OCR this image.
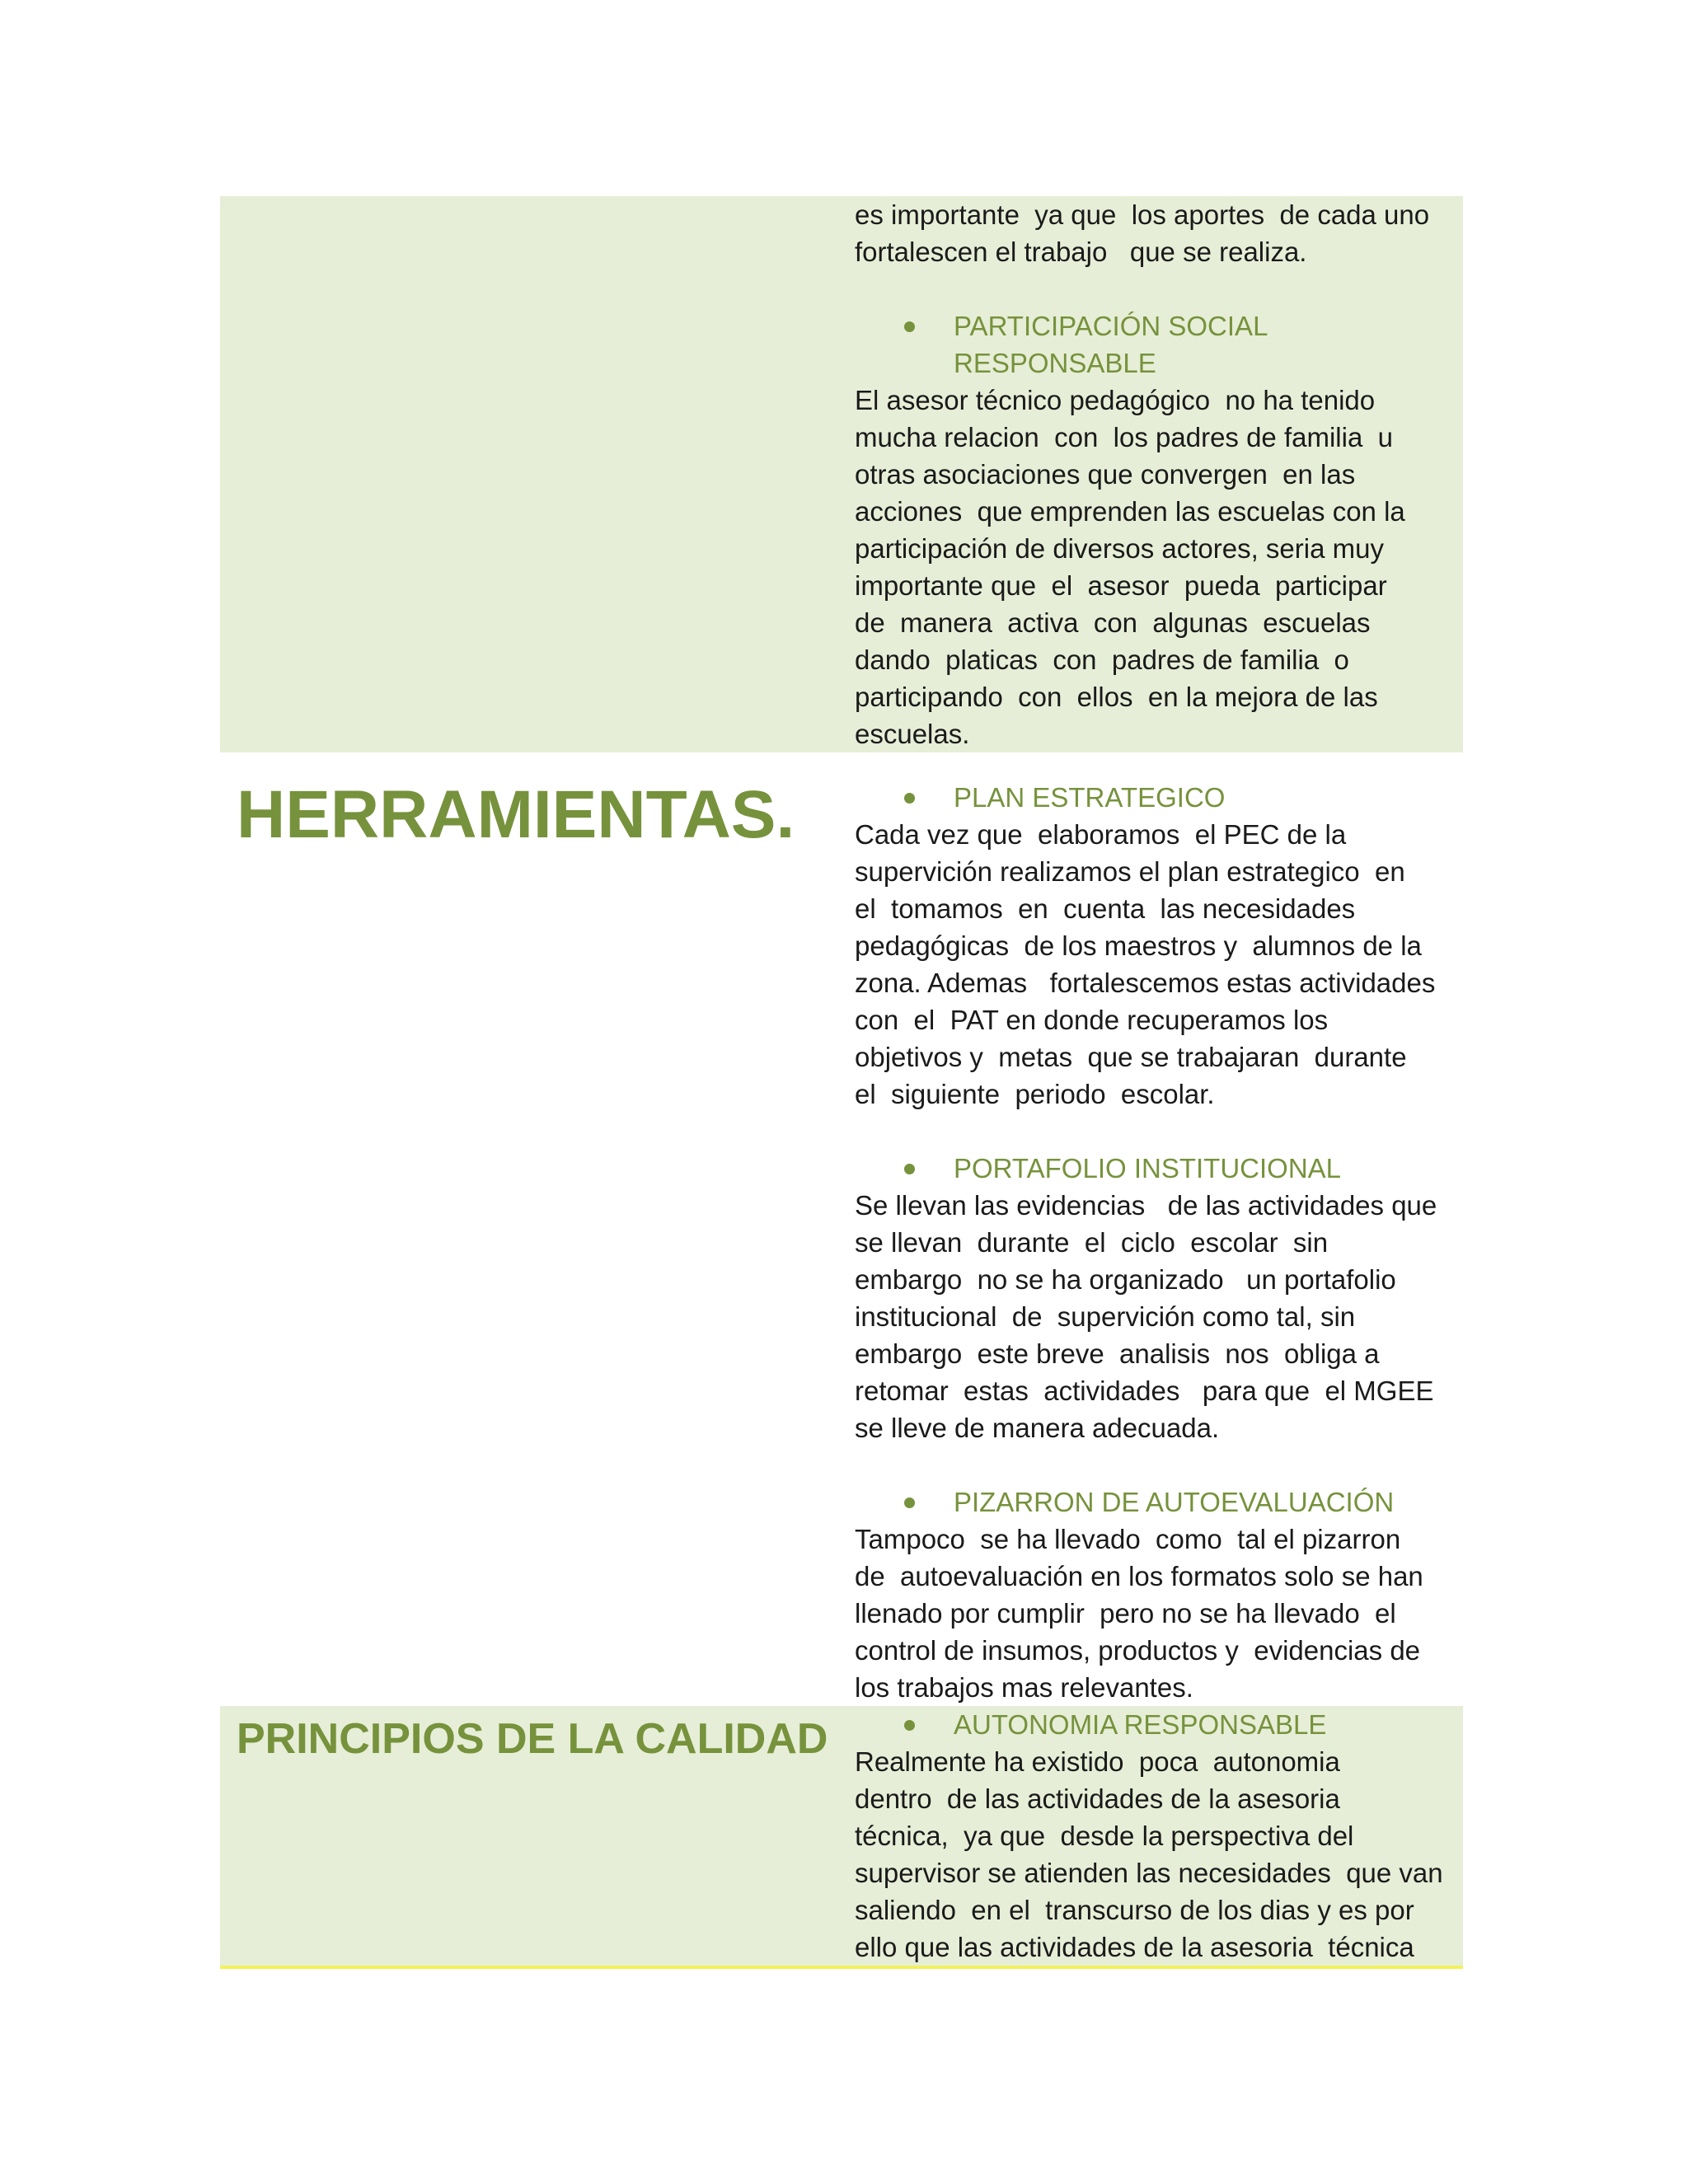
es importante  ya que  los aportes  de cada uno

fortalescen el trabajo   que se realiza.

PARTICIPACIÓN SOCIAL RESPONSABLE

El asesor técnico pedagógico  no ha tenido

mucha relacion  con  los padres de familia  u

otras asociaciones que convergen  en las

acciones  que emprenden las escuelas con la

participación de diversos actores, seria muy

importante que  el  asesor  pueda  participar

de  manera  activa  con  algunas  escuelas

dando  platicas  con  padres de familia  o

participando  con  ellos  en la mejora de las

escuelas.

HERRAMIENTAS.	PLAN ESTRATEGICO

Cada vez que  elaboramos  el PEC de la

supervición realizamos el plan estrategico  en

el  tomamos  en  cuenta  las necesidades

pedagógicas  de los maestros y  alumnos de la

zona. Ademas   fortalescemos estas actividades

con  el  PAT en donde recuperamos los

objetivos y  metas  que se trabajaran  durante

el  siguiente  periodo  escolar.

PORTAFOLIO INSTITUCIONAL

Se llevan las evidencias   de las actividades que

se llevan  durante  el  ciclo  escolar  sin

embargo  no se ha organizado   un portafolio

institucional  de  supervición como tal, sin

embargo  este breve  analisis  nos  obliga a

retomar  estas  actividades   para que  el MGEE

se lleve de manera adecuada.

PIZARRON DE AUTOEVALUACIÓN

Tampoco  se ha llevado  como  tal el pizarron

de  autoevaluación en los formatos solo se han

llenado por cumplir  pero no se ha llevado  el

control de insumos, productos y  evidencias de

los trabajos mas relevantes.

PRINCIPIOS DE LA CALIDAD	AUTONOMIA RESPONSABLE

Realmente ha existido  poca  autonomia

dentro  de las actividades de la asesoria

técnica,  ya que  desde la perspectiva del

supervisor se atienden las necesidades  que van

saliendo  en el  transcurso de los dias y es por

ello que las actividades de la asesoria  técnica
